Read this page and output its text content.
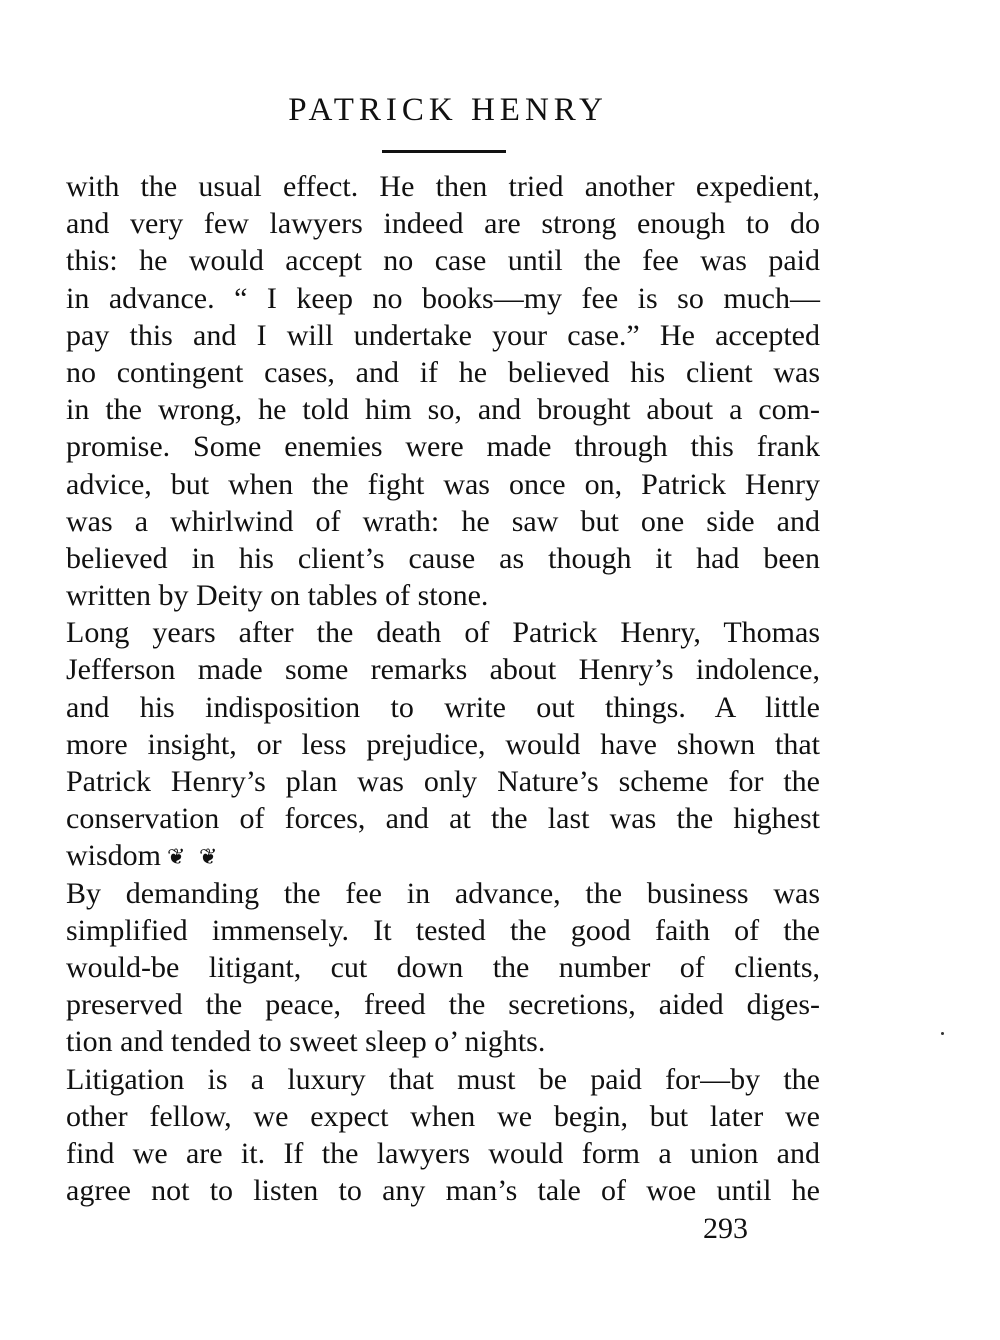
PATRICK HENRY
with the usual effect. He then tried another expedient,
and very few lawyers indeed are strong enough to do
this: he would accept no case until the fee was paid
in advance. “ I keep no books—my fee is so much—
pay this and I will undertake your case.” He accepted
no contingent cases, and if he believed his client was
in the wrong, he told him so, and brought about a com-
promise. Some enemies were made through this frank
advice, but when the fight was once on, Patrick Henry
was a whirlwind of wrath: he saw but one side and
believed in his client’s cause as though it had been
written by Deity on tables of stone.
Long years after the death of Patrick Henry, Thomas
Jefferson made some remarks about Henry’s indolence,
and his indisposition to write out things. A little
more insight, or less prejudice, would have shown that
Patrick Henry’s plan was only Nature’s scheme for the
conservation of forces, and at the last was the highest
wisdom ❦ ❦
By demanding the fee in advance, the business was
simplified immensely. It tested the good faith of the
would-be litigant, cut down the number of clients,
preserved the peace, freed the secretions, aided diges-
tion and tended to sweet sleep o’ nights.
Litigation is a luxury that must be paid for—by the
other fellow, we expect when we begin, but later we
find we are it. If the lawyers would form a union and
agree not to listen to any man’s tale of woe until he
293
